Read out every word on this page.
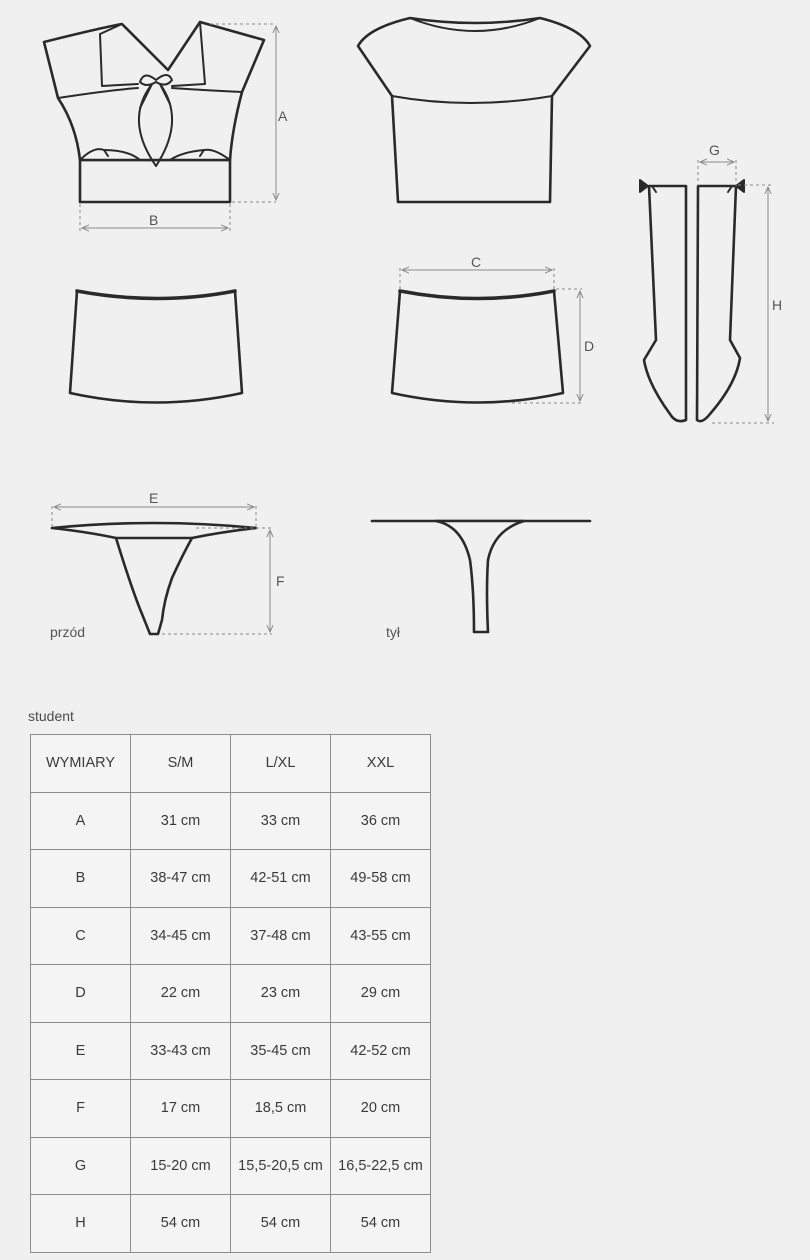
A
B
C
D
G
H
E
F
przód	tył
student
WYMIARY	S/M	L/XL	XXL
A	31 cm	33 cm	36 cm
B	38-47 cm	42-51 cm	49-58 cm
C	34-45 cm	37-48 cm	43-55 cm
D	22 cm	23 cm	29 cm
E	33-43 cm	35-45 cm	42-52 cm
F	17 cm	18,5 cm	20 cm
G	15-20 cm	15,5-20,5 cm	16,5-22,5 cm
H	54 cm	54 cm	54 cm
